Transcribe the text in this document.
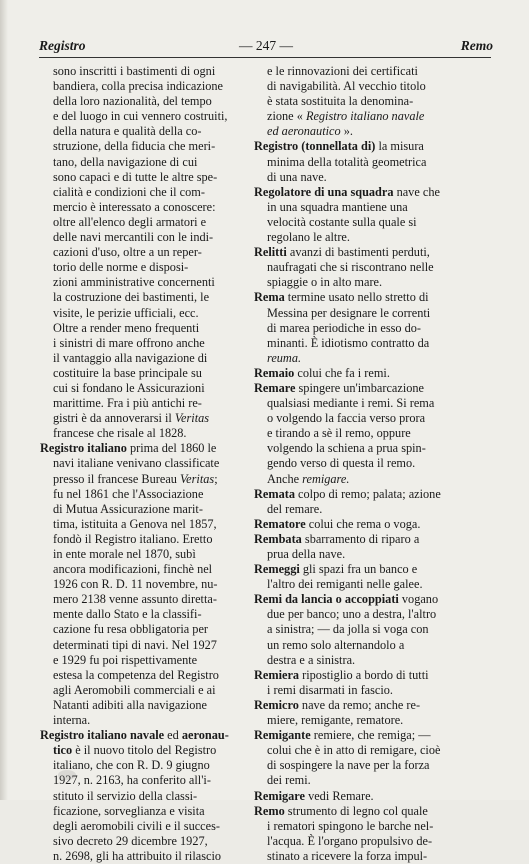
Registro	— 247 —	Remo
sono inscritti i bastimenti di ogni
bandiera, colla precisa indicazione
della loro nazionalità, del tempo
e del luogo in cui vennero costruiti,
della natura e qualità della co-
struzione, della fiducia che meri-
tano, della navigazione di cui
sono capaci e di tutte le altre spe-
cialità e condizioni che il com-
mercio è interessato a conoscere:
oltre all'elenco degli armatori e
delle navi mercantili con le indi-
cazioni d'uso, oltre a un reper-
torio delle norme e disposi-
zioni amministrative concernenti
la costruzione dei bastimenti, le
visite, le perizie ufficiali, ecc.
Oltre a render meno frequenti
i sinistri di mare offrono anche
il vantaggio alla navigazione di
costituire la base principale su
cui si fondano le Assicurazioni
marittime. Fra i più antichi re-
gistri è da annoverarsi il Veritas
francese che risale al 1828.
Registro italiano prima del 1860 le
navi italiane venivano classificate
presso il francese Bureau Veritas;
fu nel 1861 che l'Associazione
di Mutua Assicurazione marit-
tima, istituita a Genova nel 1857,
fondò il Registro italiano. Eretto
in ente morale nel 1870, subì
ancora modificazioni, finchè nel
1926 con R. D. 11 novembre, nu-
mero 2138 venne assunto diretta-
mente dallo Stato e la classifi-
cazione fu resa obbligatoria per
determinati tipi di navi. Nel 1927
e 1929 fu poi rispettivamente
estesa la competenza del Registro
agli Aeromobili commerciali e ai
Natanti adibiti alla navigazione
interna.
Registro italiano navale ed aeronau-
tico è il nuovo titolo del Registro
italiano, che con R. D. 9 giugno
1927, n. 2163, ha conferito all'i-
stituto il servizio della classi-
ficazione, sorveglianza e visita
degli aeromobili civili e il succes-
sivo decreto 29 dicembre 1927,
n. 2698, gli ha attribuito il rilascio
e le rinnovazioni dei certificati
di navigabilità. Al vecchio titolo
è stata sostituita la denomina-
zione « Registro italiano navale
ed aeronautico ».
Registro (tonnellata di) la misura
minima della totalità geometrica
di una nave.
Regolatore di una squadra nave che
in una squadra mantiene una
velocità costante sulla quale si
regolano le altre.
Relitti avanzi di bastimenti perduti,
naufragati che si riscontrano nelle
spiaggie o in alto mare.
Rema termine usato nello stretto di
Messina per designare le correnti
di marea periodiche in esso do-
minanti. È idiotismo contratto da
reuma.
Remaio colui che fa i remi.
Remare spingere un'imbarcazione
qualsiasi mediante i remi. Si rema
o volgendo la faccia verso prora
e tirando a sè il remo, oppure
volgendo la schiena a prua spin-
gendo verso di questa il remo.
Anche remigare.
Remata colpo di remo; palata; azione
del remare.
Rematore colui che rema o voga.
Rembata sbarramento di riparo a
prua della nave.
Remeggi gli spazi fra un banco e
l'altro dei remiganti nelle galee.
Remi da lancia o accoppiati vogano
due per banco; uno a destra, l'altro
a sinistra; — da jolla si voga con
un remo solo alternandolo a
destra e a sinistra.
Remiera ripostiglio a bordo di tutti
i remi disarmati in fascio.
Remicro nave da remo; anche re-
miere, remigante, rematore.
Remigante remiere, che remiga; —
colui che è in atto di remigare, cioè
di sospingere la nave per la forza
dei remi.
Remigare vedi Remare.
Remo strumento di legno col quale
i rematori spingono le barche nel-
l'acqua. È l'organo propulsivo de-
stinato a ricevere la forza impul-
